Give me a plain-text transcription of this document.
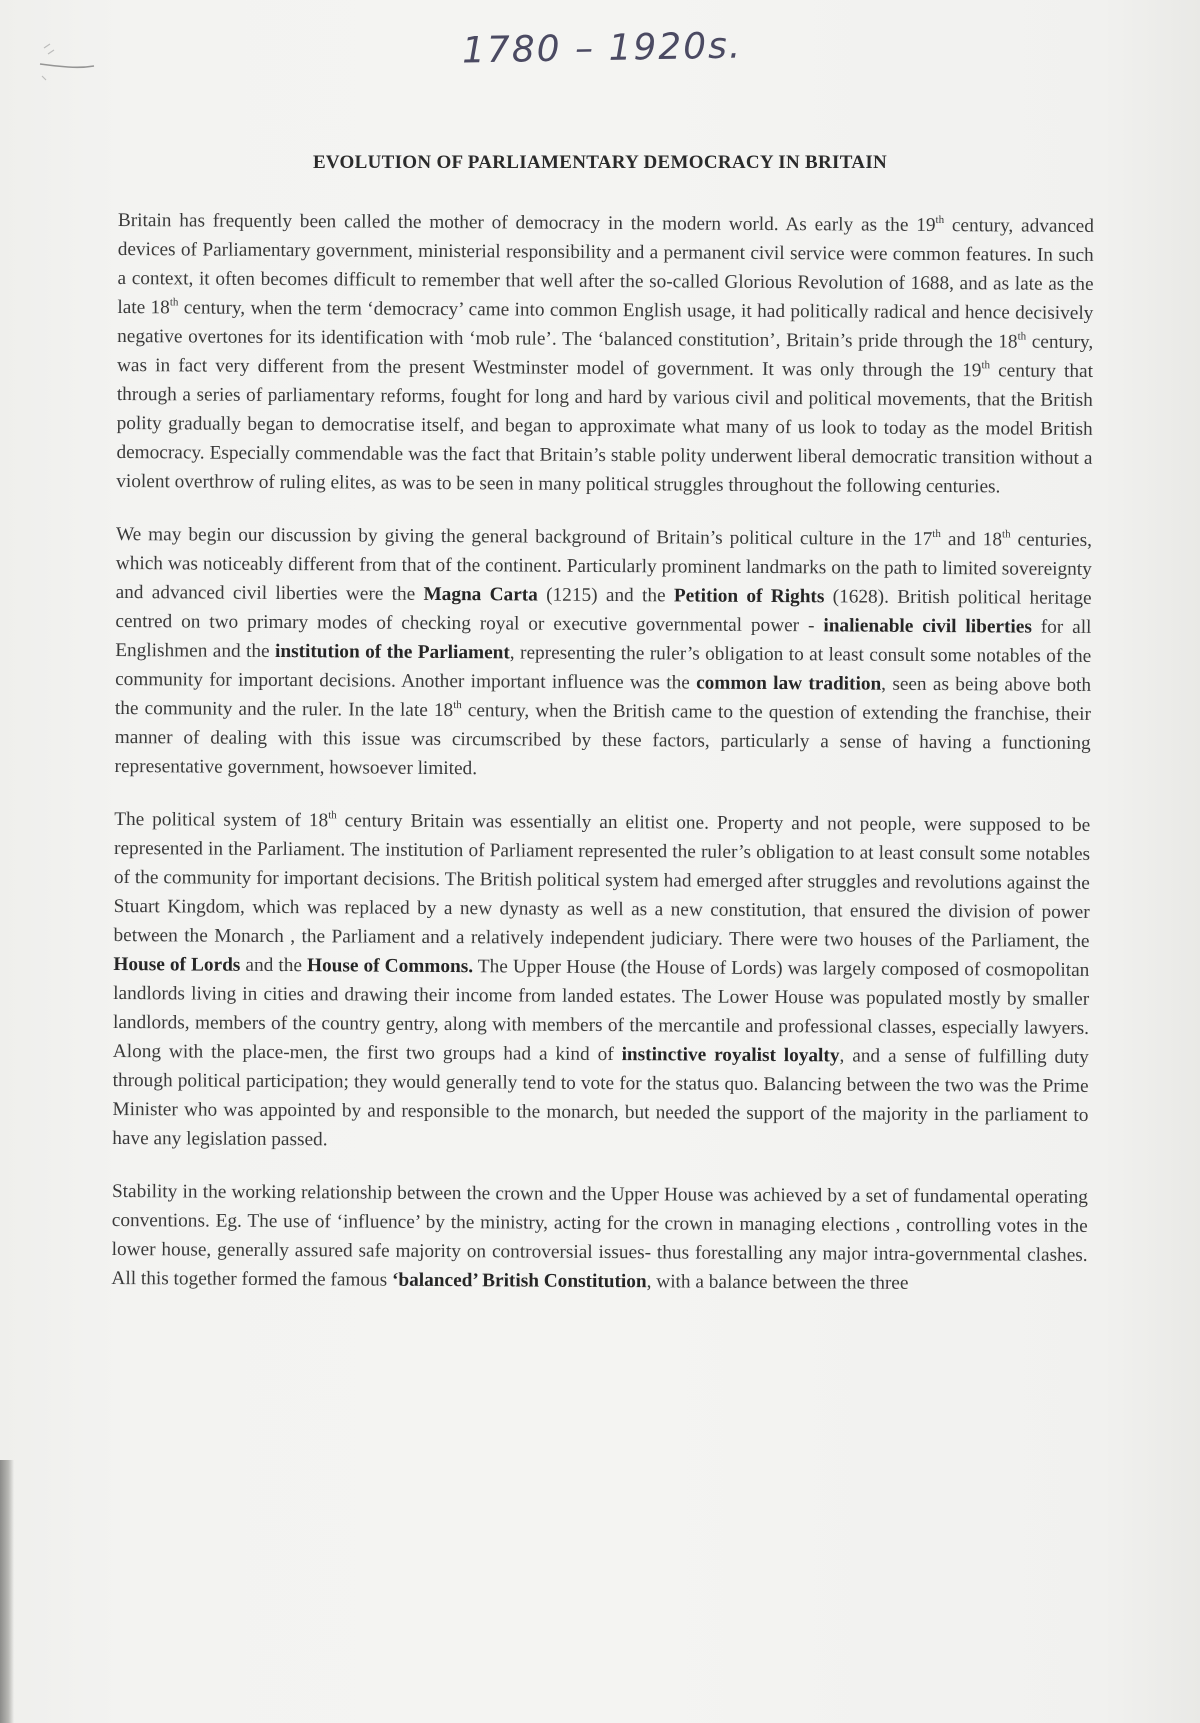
1780 – 1920s.
EVOLUTION OF PARLIAMENTARY DEMOCRACY IN BRITAIN

Britain has frequently been called the mother of democracy in the modern world. As early as the 19th century, advanced devices of Parliamentary government, ministerial responsibility and a permanent civil service were common features. In such a context, it often becomes difficult to remember that well after the so-called Glorious Revolution of 1688, and as late as the late 18th century, when the term ‘democracy’ came into common English usage, it had politically radical and hence decisively negative overtones for its identification with ‘mob rule’. The ‘balanced constitution’, Britain’s pride through the 18th century, was in fact very different from the present Westminster model of government. It was only through the 19th century that through a series of parliamentary reforms, fought for long and hard by various civil and political movements, that the British polity gradually began to democratise itself, and began to approximate what many of us look to today as the model British democracy. Especially commendable was the fact that Britain’s stable polity underwent liberal democratic transition without a violent overthrow of ruling elites, as was to be seen in many political struggles throughout the following centuries.

We may begin our discussion by giving the general background of Britain’s political culture in the 17th and 18th centuries, which was noticeably different from that of the continent. Particularly prominent landmarks on the path to limited sovereignty and advanced civil liberties were the Magna Carta (1215) and the Petition of Rights (1628). British political heritage centred on two primary modes of checking royal or executive governmental power - inalienable civil liberties for all Englishmen and the institution of the Parliament, representing the ruler’s obligation to at least consult some notables of the community for important decisions. Another important influence was the common law tradition, seen as being above both the community and the ruler. In the late 18th century, when the British came to the question of extending the franchise, their manner of dealing with this issue was circumscribed by these factors, particularly a sense of having a functioning representative government, howsoever limited.

The political system of 18th century Britain was essentially an elitist one. Property and not people, were supposed to be represented in the Parliament. The institution of Parliament represented the ruler’s obligation to at least consult some notables of the community for important decisions. The British political system had emerged after struggles and revolutions against the Stuart Kingdom, which was replaced by a new dynasty as well as a new constitution, that ensured the division of power between the Monarch , the Parliament and a relatively independent judiciary. There were two houses of the Parliament, the House of Lords and the House of Commons. The Upper House (the House of Lords) was largely composed of cosmopolitan landlords living in cities and drawing their income from landed estates. The Lower House was populated mostly by smaller landlords, members of the country gentry, along with members of the mercantile and professional classes, especially lawyers. Along with the place-men, the first two groups had a kind of instinctive royalist loyalty, and a sense of fulfilling duty through political participation; they would generally tend to vote for the status quo. Balancing between the two was the Prime Minister who was appointed by and responsible to the monarch, but needed the support of the majority in the parliament to have any legislation passed.

Stability in the working relationship between the crown and the Upper House was achieved by a set of fundamental operating conventions. Eg. The use of ‘influence’ by the ministry, acting for the crown in managing elections , controlling votes in the lower house, generally assured safe majority on controversial issues- thus forestalling any major intra-governmental clashes. All this together formed the famous ‘balanced’ British Constitution, with a balance between the three
